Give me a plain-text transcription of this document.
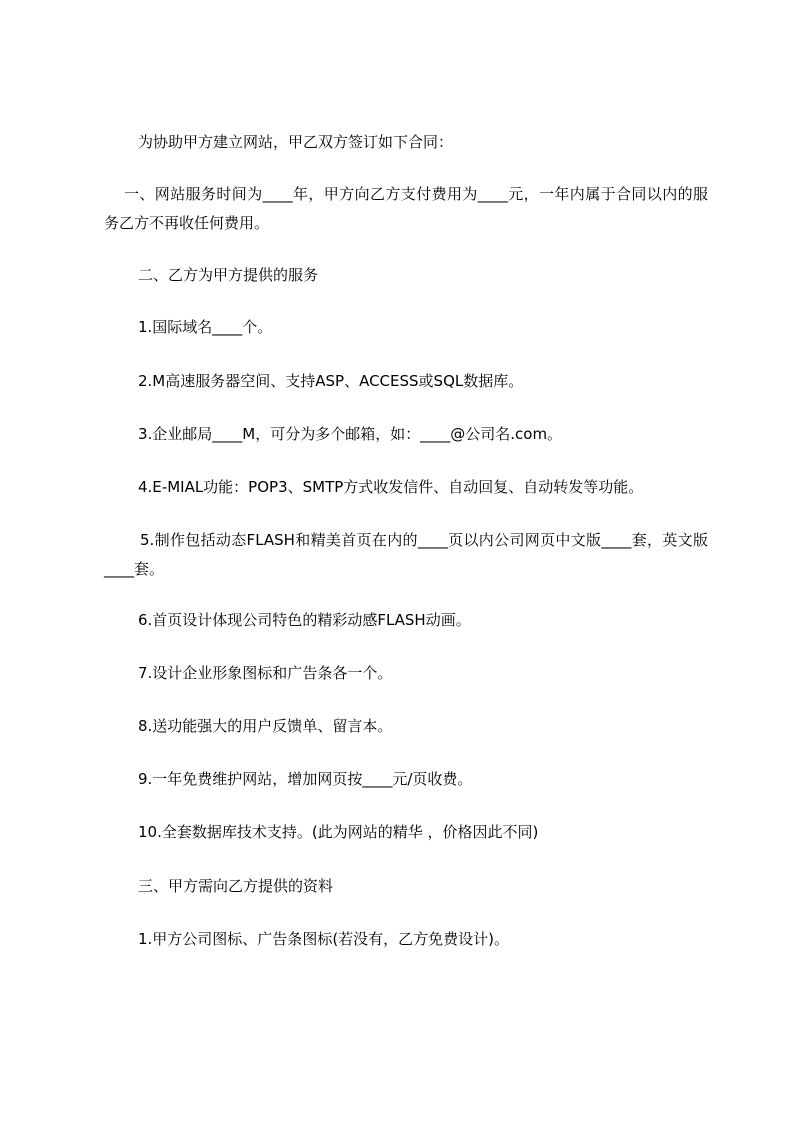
为协助甲方建立网站，甲乙双方签订如下合同：
一、网站服务时间为____年，甲方向乙方支付费用为____元，一年内属于合同以内的服务乙方不再收任何费用。
二、乙方为甲方提供的服务
1.国际域名____个。
2.M高速服务器空间、支持ASP、ACCESS或SQL数据库。
3.企业邮局____M，可分为多个邮箱，如：____@公司名.com。
4.E-MIAL功能：POP3、SMTP方式收发信件、自动回复、自动转发等功能。
5.制作包括动态FLASH和精美首页在内的____页以内公司网页中文版____套，英文版____套。
6.首页设计体现公司特色的精彩动感FLASH动画。
7.设计企业形象图标和广告条各一个。
8.送功能强大的用户反馈单、留言本。
9.一年免费维护网站，增加网页按____元/页收费。
10.全套数据库技术支持。(此为网站的精华 ，价格因此不同)
三、甲方需向乙方提供的资料
1.甲方公司图标、广告条图标(若没有，乙方免费设计)。
